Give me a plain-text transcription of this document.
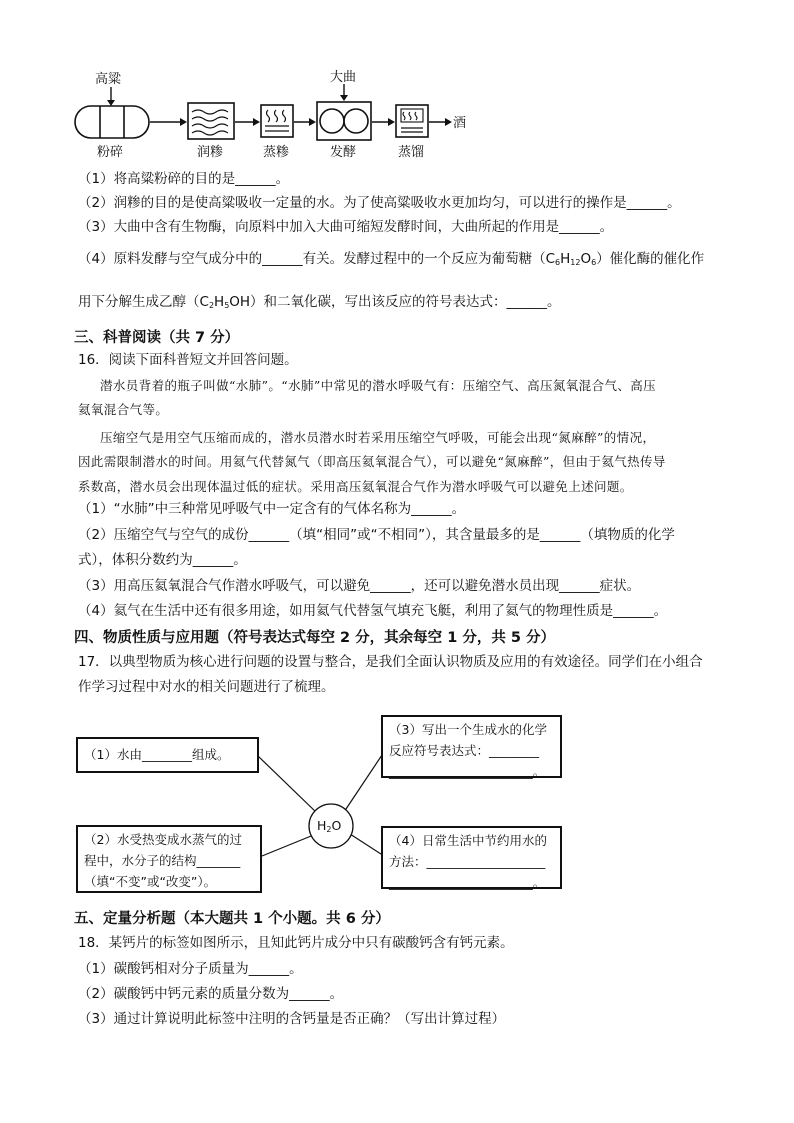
高粱	大曲
酒
粉碎	润糁	蒸糁	发酵	蒸馏
（1）将高粱粉碎的目的是______。
（2）润糁的目的是使高粱吸收一定量的水。为了使高粱吸收水更加均匀，可以进行的操作是______。
（3）大曲中含有生物酶，向原料中加入大曲可缩短发酵时间，大曲所起的作用是______。
（4）原料发酵与空气成分中的______有关。发酵过程中的一个反应为葡萄糖$(C_6H_{12}O_6)$催化酶的催化作
用下分解生成乙醇$(C_2H_5OH)$和二氧化碳，写出该反应的符号表达式：______。
三、科普阅读（共 7 分）
16．阅读下面科普短文并回答问题。
潜水员背着的瓶子叫做“水肺”。“水肺”中常见的潜水呼吸气有：压缩空气、高压氮氧混合气、高压
氦氧混合气等。
压缩空气是用空气压缩而成的，潜水员潜水时若采用压缩空气呼吸，可能会出现“氮麻醉”的情况，
因此需限制潜水的时间。用氦气代替氮气（即高压氦氧混合气），可以避免“氮麻醉”，但由于氦气热传导
系数高，潜水员会出现体温过低的症状。采用高压氦氧混合气作为潜水呼吸气可以避免上述问题。
（1）“水肺”中三种常见呼吸气中一定含有的气体名称为______。
（2）压缩空气与空气的成份______（填“相同”或“不相同”），其含量最多的是______（填物质的化学
式），体积分数约为______。
（3）用高压氦氧混合气作潜水呼吸气，可以避免______，还可以避免潜水员出现______症状。
（4）氦气在生活中还有很多用途，如用氦气代替氢气填充飞艇，利用了氦气的物理性质是______。
四、物质性质与应用题（符号表达式每空 2 分，其余每空 1 分，共 5 分）
17．以典型物质为核心进行问题的设置与整合，是我们全面认识物质及应用的有效途径。同学们在小组合
作学习过程中对水的相关问题进行了梳理。
（1）水由________组成。
（2）水受热变成水蒸气的过
程中，水分子的结构_______
（填“不变”或“改变”）。
（3）写出一个生成水的化学
反应符号表达式：________
_______________________。
（4）日常生活中节约用水的
方法：___________________
_______________________。
$H_2O$
五、定量分析题（本大题共 1 个小题。共 6 分）
18．某钙片的标签如图所示，且知此钙片成分中只有碳酸钙含有钙元素。
（1）碳酸钙相对分子质量为______。
（2）碳酸钙中钙元素的质量分数为______。
（3）通过计算说明此标签中注明的含钙量是否正确？（写出计算过程）
